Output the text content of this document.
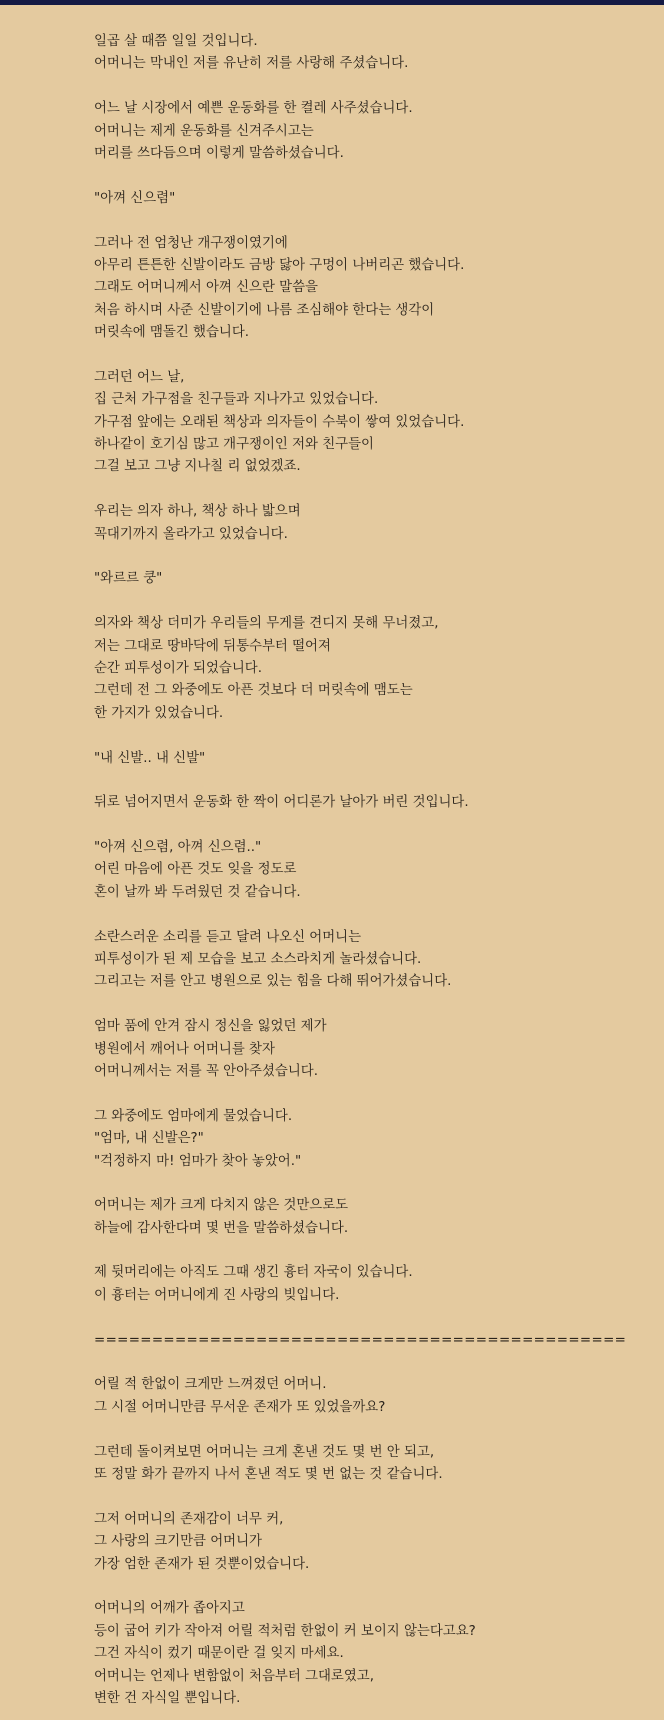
일곱 살 때쯤 일일 것입니다.
어머니는 막내인 저를 유난히 저를 사랑해 주셨습니다.
어느 날 시장에서 예쁜 운동화를 한 켤레 사주셨습니다.
어머니는 제게 운동화를 신겨주시고는
머리를 쓰다듬으며 이렇게 말씀하셨습니다.
"아껴 신으렴"
그러나 전 엄청난 개구쟁이였기에
아무리 튼튼한 신발이라도 금방 닳아 구멍이 나버리곤 했습니다.
그래도 어머니께서 아껴 신으란 말씀을
처음 하시며 사준 신발이기에 나름 조심해야 한다는 생각이
머릿속에 맴돌긴 했습니다.
그러던 어느 날,
집 근처 가구점을 친구들과 지나가고 있었습니다.
가구점 앞에는 오래된 책상과 의자들이 수북이 쌓여 있었습니다.
하나같이 호기심 많고 개구쟁이인 저와 친구들이
그걸 보고 그냥 지나칠 리 없었겠죠.
우리는 의자 하나, 책상 하나 밟으며
꼭대기까지 올라가고 있었습니다.
"와르르 쿵"
의자와 책상 더미가 우리들의 무게를 견디지 못해 무너졌고,
저는 그대로 땅바닥에 뒤통수부터 떨어져
순간 피투성이가 되었습니다.
그런데 전 그 와중에도 아픈 것보다 더 머릿속에 맴도는
한 가지가 있었습니다.
"내 신발.. 내 신발"
뒤로 넘어지면서 운동화 한 짝이 어디론가 날아가 버린 것입니다.
"아껴 신으렴, 아껴 신으렴.."
어린 마음에 아픈 것도 잊을 정도로
혼이 날까 봐 두려웠던 것 같습니다.
소란스러운 소리를 듣고 달려 나오신 어머니는
피투성이가 된 제 모습을 보고 소스라치게 놀라셨습니다.
그리고는 저를 안고 병원으로 있는 힘을 다해 뛰어가셨습니다.
엄마 품에 안겨 잠시 정신을 잃었던 제가
병원에서 깨어나 어머니를 찾자
어머니께서는 저를 꼭 안아주셨습니다.
그 와중에도 엄마에게 물었습니다.
"엄마, 내 신발은?"
"걱정하지 마! 엄마가 찾아 놓았어."
어머니는 제가 크게 다치지 않은 것만으로도
하늘에 감사한다며 몇 번을 말씀하셨습니다.
제 뒷머리에는 아직도 그때 생긴 흉터 자국이 있습니다.
이 흉터는 어머니에게 진 사랑의 빚입니다.
==============================================
어릴 적 한없이 크게만 느껴졌던 어머니.
그 시절 어머니만큼 무서운 존재가 또 있었을까요?
그런데 돌이켜보면 어머니는 크게 혼낸 것도 몇 번 안 되고,
또 정말 화가 끝까지 나서 혼낸 적도 몇 번 없는 것 같습니다.
그저 어머니의 존재감이 너무 커,
그 사랑의 크기만큼 어머니가
가장 엄한 존재가 된 것뿐이었습니다.
어머니의 어깨가 좁아지고
등이 굽어 키가 작아져 어릴 적처럼 한없이 커 보이지 않는다고요?
그건 자식이 컸기 때문이란 걸 잊지 마세요.
어머니는 언제나 변함없이 처음부터 그대로였고,
변한 건 자식일 뿐입니다.
